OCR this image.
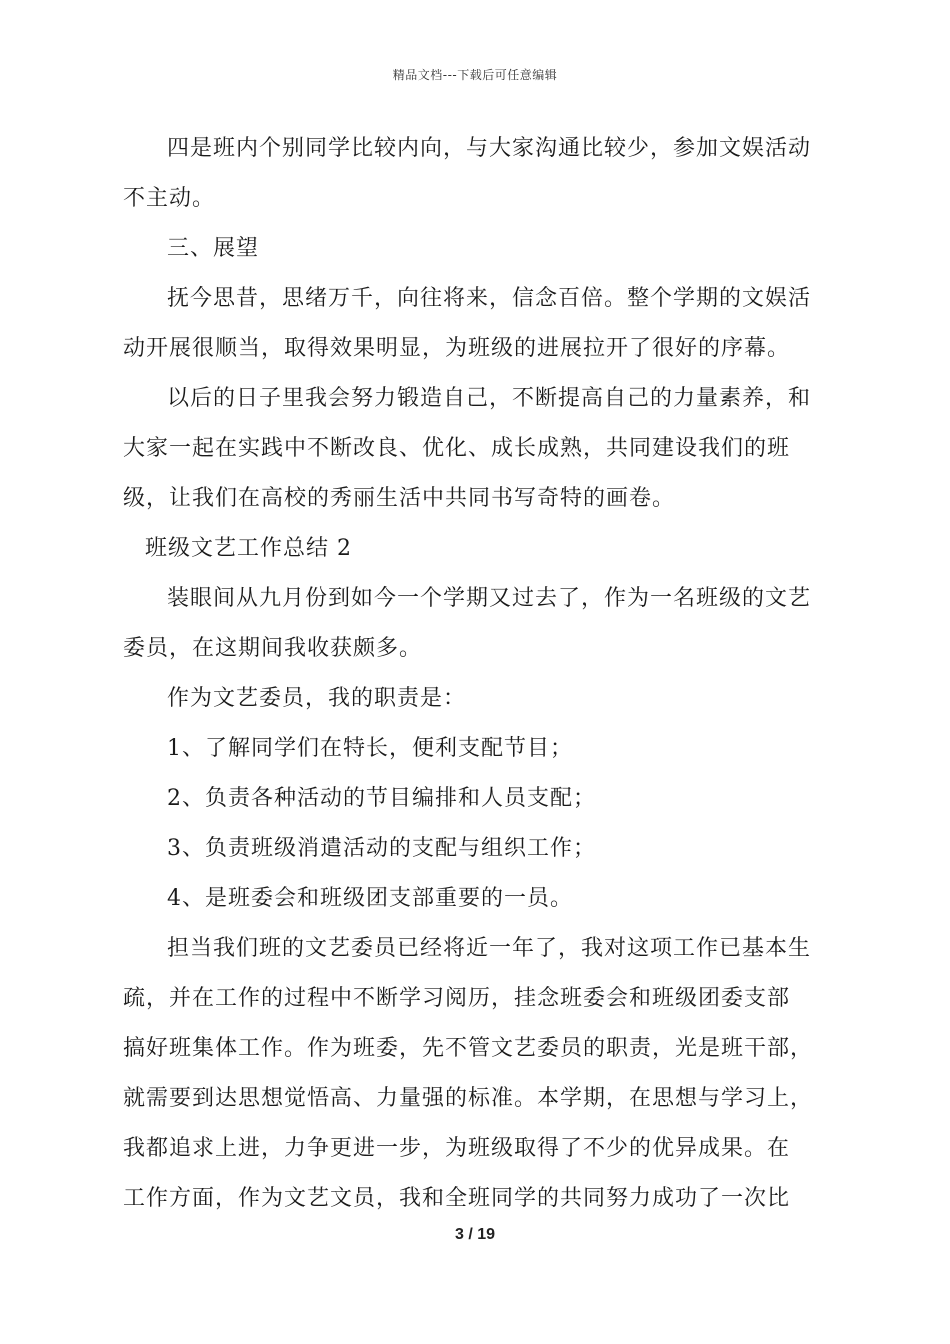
精品文档---下载后可任意编辑

四是班内个别同学比较内向，与大家沟通比较少，参加文娱活动
不主动。

三、展望

抚今思昔，思绪万千，向往将来，信念百倍。整个学期的文娱活
动开展很顺当，取得效果明显，为班级的进展拉开了很好的序幕。

以后的日子里我会努力锻造自己，不断提高自己的力量素养，和
大家一起在实践中不断改良、优化、成长成熟，共同建设我们的班
级，让我们在高校的秀丽生活中共同书写奇特的画卷。

班级文艺工作总结 2

装眼间从九月份到如今一个学期又过去了，作为一名班级的文艺
委员，在这期间我收获颇多。

作为文艺委员，我的职责是：

1、了解同学们在特长，便利支配节目；

2、负责各种活动的节目编排和人员支配；

3、负责班级消遣活动的支配与组织工作；

4、是班委会和班级团支部重要的一员。

担当我们班的文艺委员已经将近一年了，我对这项工作已基本生
疏，并在工作的过程中不断学习阅历，挂念班委会和班级团委支部
搞好班集体工作。作为班委，先不管文艺委员的职责，光是班干部，
就需要到达思想觉悟高、力量强的标准。本学期，在思想与学习上，
我都追求上进，力争更进一步，为班级取得了不少的优异成果。在
工作方面，作为文艺文员，我和全班同学的共同努力成功了一次比

3 / 19
